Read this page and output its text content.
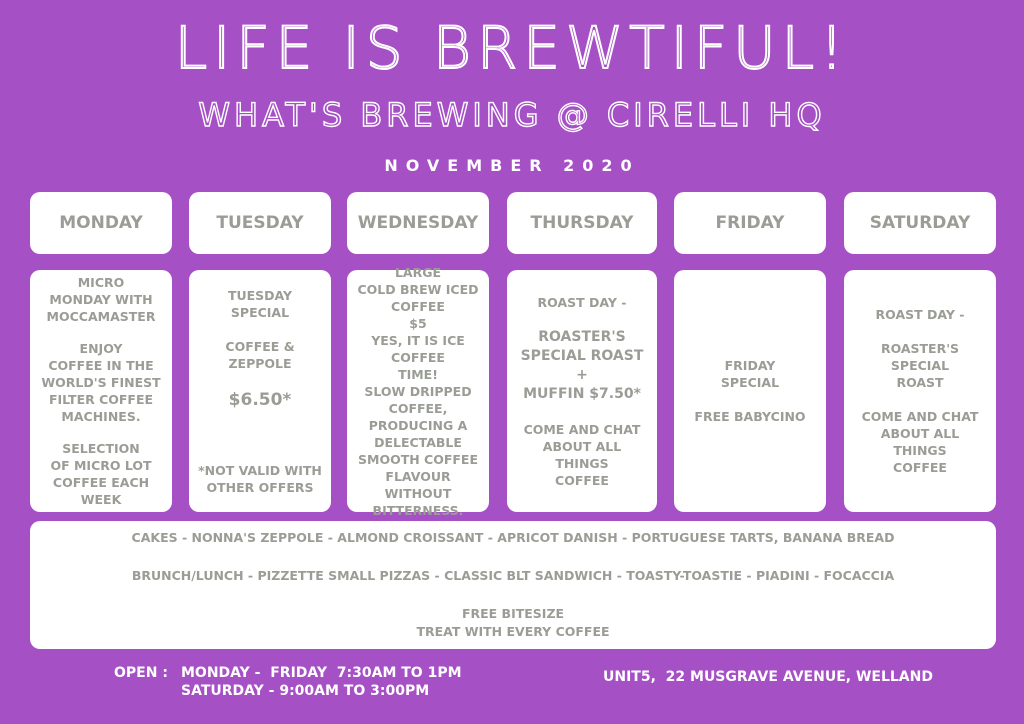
LIFE IS BREWTIFUL!
WHAT'S BREWING @ CIRELLI HQ
NOVEMBER 2020
MONDAY	TUESDAY	WEDNESDAY	THURSDAY	FRIDAY	SATURDAY
MICRO
MONDAY WITH
MOCCAMASTER
ENJOY
COFFEE IN THE
WORLD'S FINEST
FILTER COFFEE
MACHINES.
SELECTION
OF MICRO LOT
COFFEE EACH WEEK
TUESDAY
SPECIAL
COFFEE & ZEPPOLE
$6.50*
*NOT VALID WITH
OTHER OFFERS
LARGE
COLD BREW ICED
COFFEE
$5
YES, IT IS ICE
COFFEE
TIME!
SLOW DRIPPED
COFFEE,
PRODUCING A
DELECTABLE
SMOOTH COFFEE
FLAVOUR
WITHOUT
BITTERNESS.
ROAST DAY -
ROASTER'S
SPECIAL ROAST +
MUFFIN $7.50*
COME AND CHAT
ABOUT ALL THINGS
COFFEE
FRIDAY
SPECIAL
FREE BABYCINO
ROAST DAY -
ROASTER'S SPECIAL
ROAST
COME AND CHAT
ABOUT ALL THINGS
COFFEE
CAKES - NONNA'S ZEPPOLE - ALMOND CROISSANT - APRICOT DANISH - PORTUGUESE TARTS, BANANA BREAD
BRUNCH/LUNCH - PIZZETTE SMALL PIZZAS - CLASSIC BLT SANDWICH - TOASTY-TOASTIE - PIADINI - FOCACCIA
FREE BITESIZE
TREAT WITH EVERY COFFEE
OPEN : MONDAY -  FRIDAY  7:30AM TO 1PM
SATURDAY - 9:00AM TO 3:00PM
UNIT5,  22 MUSGRAVE AVENUE, WELLAND
